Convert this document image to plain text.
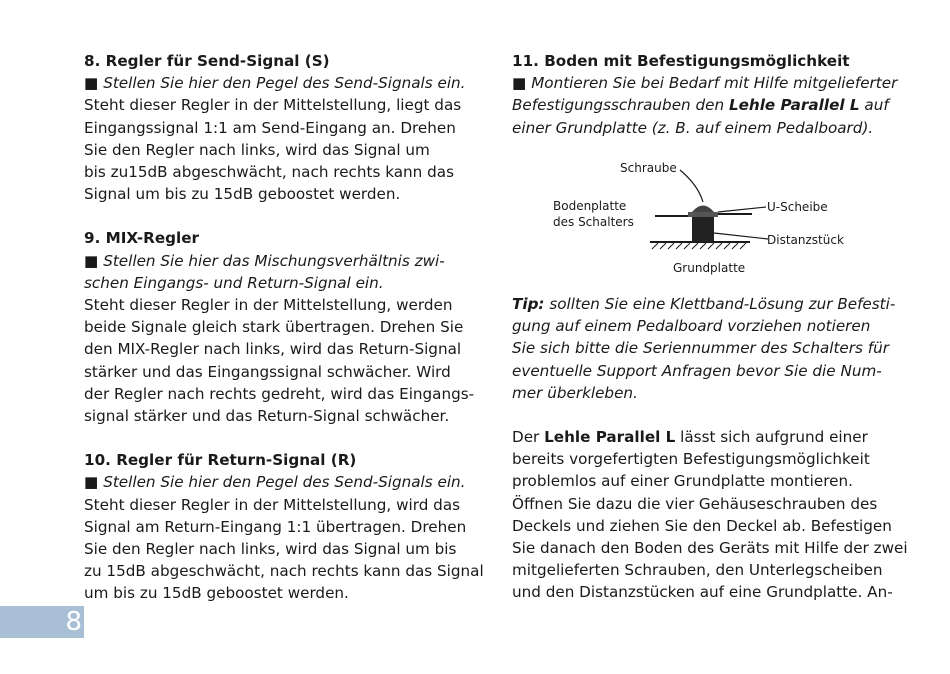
8. Regler für Send-Signal (S)
■ Stellen Sie hier den Pegel des Send-Signals ein.
Steht dieser Regler in der Mittelstellung, liegt das
Eingangssignal 1:1 am Send-Eingang an. Drehen
Sie den Regler nach links, wird das Signal um
bis zu15dB abgeschwächt, nach rechts kann das
Signal um bis zu 15dB geboostet werden.
9. MIX-Regler
■ Stellen Sie hier das Mischungsverhältnis zwi-
schen Eingangs- und Return-Signal ein.
Steht dieser Regler in der Mittelstellung, werden
beide Signale gleich stark übertragen. Drehen Sie
den MIX-Regler nach links, wird das Return-Signal
stärker und das Eingangssignal schwächer. Wird
der Regler nach rechts gedreht, wird das Eingangs-
signal stärker und das Return-Signal schwächer.
10. Regler für Return-Signal (R)
■ Stellen Sie hier den Pegel des Send-Signals ein.
Steht dieser Regler in der Mittelstellung, wird das
Signal am Return-Eingang 1:1 übertragen. Drehen
Sie den Regler nach links, wird das Signal um bis
zu 15dB abgeschwächt, nach rechts kann das Signal
um bis zu 15dB geboostet werden.
11. Boden mit Befestigungsmöglichkeit
■ Montieren Sie bei Bedarf mit Hilfe mitgelieferter
Befestigungsschrauben den Lehle Parallel L auf
einer Grundplatte (z. B. auf einem Pedalboard).
Schraube
Bodenplatte
des Schalters
U-Scheibe
Distanzstück
Grundplatte
Tip: sollten Sie eine Klettband-Lösung zur Befesti-
gung auf einem Pedalboard vorziehen notieren
Sie sich bitte die Seriennummer des Schalters für
eventuelle Support Anfragen bevor Sie die Num-
mer überkleben.
Der Lehle Parallel L lässt sich aufgrund einer
bereits vorgefertigten Befestigungsmöglichkeit
problemlos auf einer Grundplatte montieren.
Öffnen Sie dazu die vier Gehäuseschrauben des
Deckels und ziehen Sie den Deckel ab. Befestigen
Sie danach den Boden des Geräts mit Hilfe der zwei
mitgelieferten Schrauben, den Unterlegscheiben
und den Distanzstücken auf eine Grundplatte. An-
8
